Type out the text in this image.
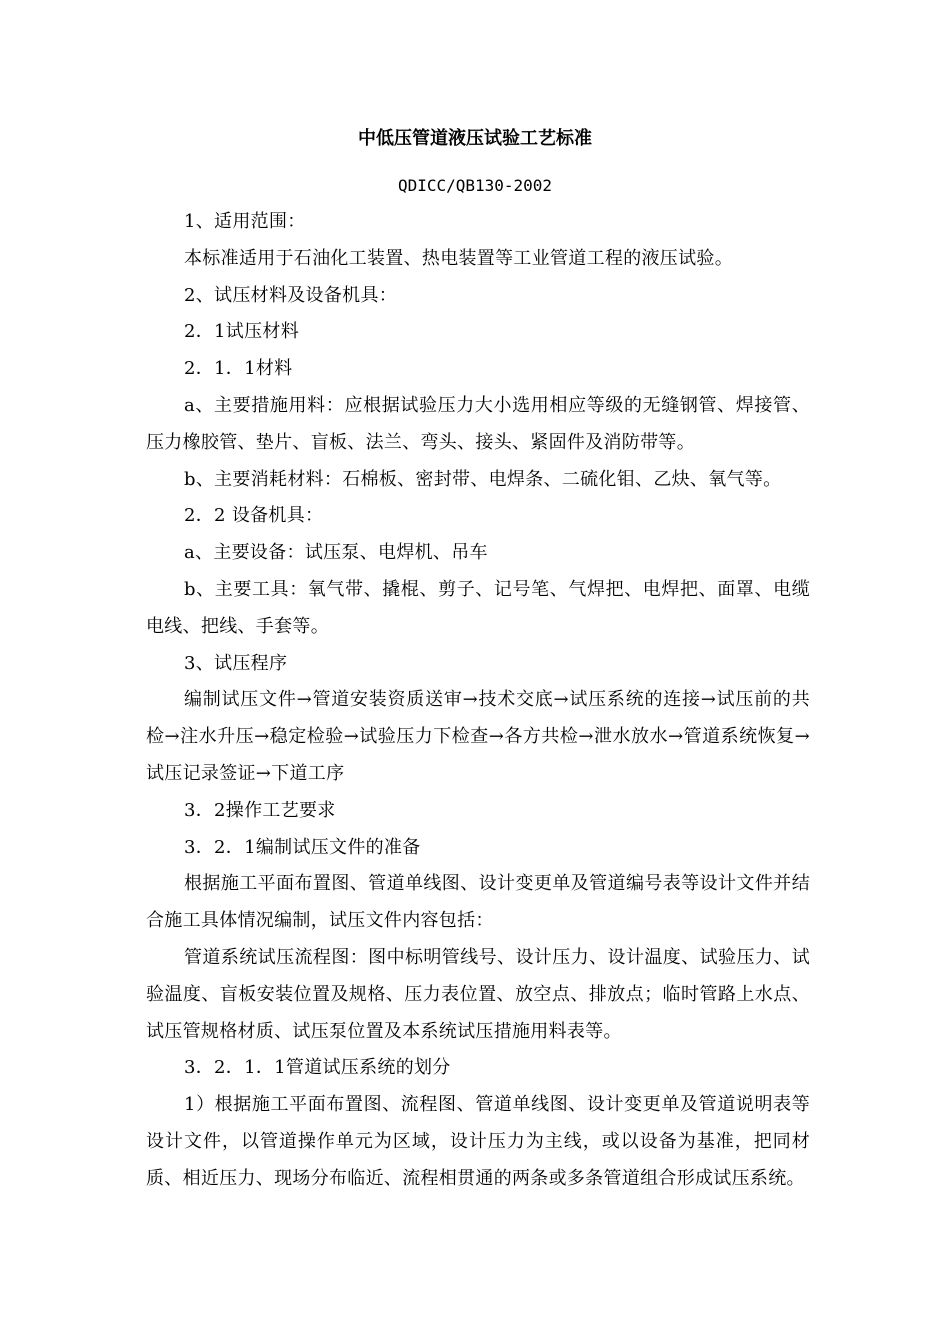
中低压管道液压试验工艺标准
QDICC/QB130-2002

1、适用范围：

本标准适用于石油化工装置、热电装置等工业管道工程的液压试验。

2、试压材料及设备机具：

2．1试压材料

2．1．1材料

a、主要措施用料：应根据试验压力大小选用相应等级的无缝钢管、焊接管、压力橡胶管、垫片、盲板、法兰、弯头、接头、紧固件及消防带等。

b、主要消耗材料：石棉板、密封带、电焊条、二硫化钼、乙炔、氧气等。

2．2 设备机具：

a、主要设备：试压泵、电焊机、吊车

b、主要工具：氧气带、撬棍、剪子、记号笔、气焊把、电焊把、面罩、电缆电线、把线、手套等。

3、试压程序

编制试压文件→管道安装资质送审→技术交底→试压系统的连接→试压前的共检→注水升压→稳定检验→试验压力下检查→各方共检→泄水放水→管道系统恢复→试压记录签证→下道工序

3．2操作工艺要求

3．2．1编制试压文件的准备

根据施工平面布置图、管道单线图、设计变更单及管道编号表等设计文件并结合施工具体情况编制，试压文件内容包括：

管道系统试压流程图：图中标明管线号、设计压力、设计温度、试验压力、试验温度、盲板安装位置及规格、压力表位置、放空点、排放点；临时管路上水点、试压管规格材质、试压泵位置及本系统试压措施用料表等。

3．2．1．1管道试压系统的划分

1）根据施工平面布置图、流程图、管道单线图、设计变更单及管道说明表等设计文件，以管道操作单元为区域，设计压力为主线，或以设备为基准，把同材质、相近压力、现场分布临近、流程相贯通的两条或多条管道组合形成试压系统。
